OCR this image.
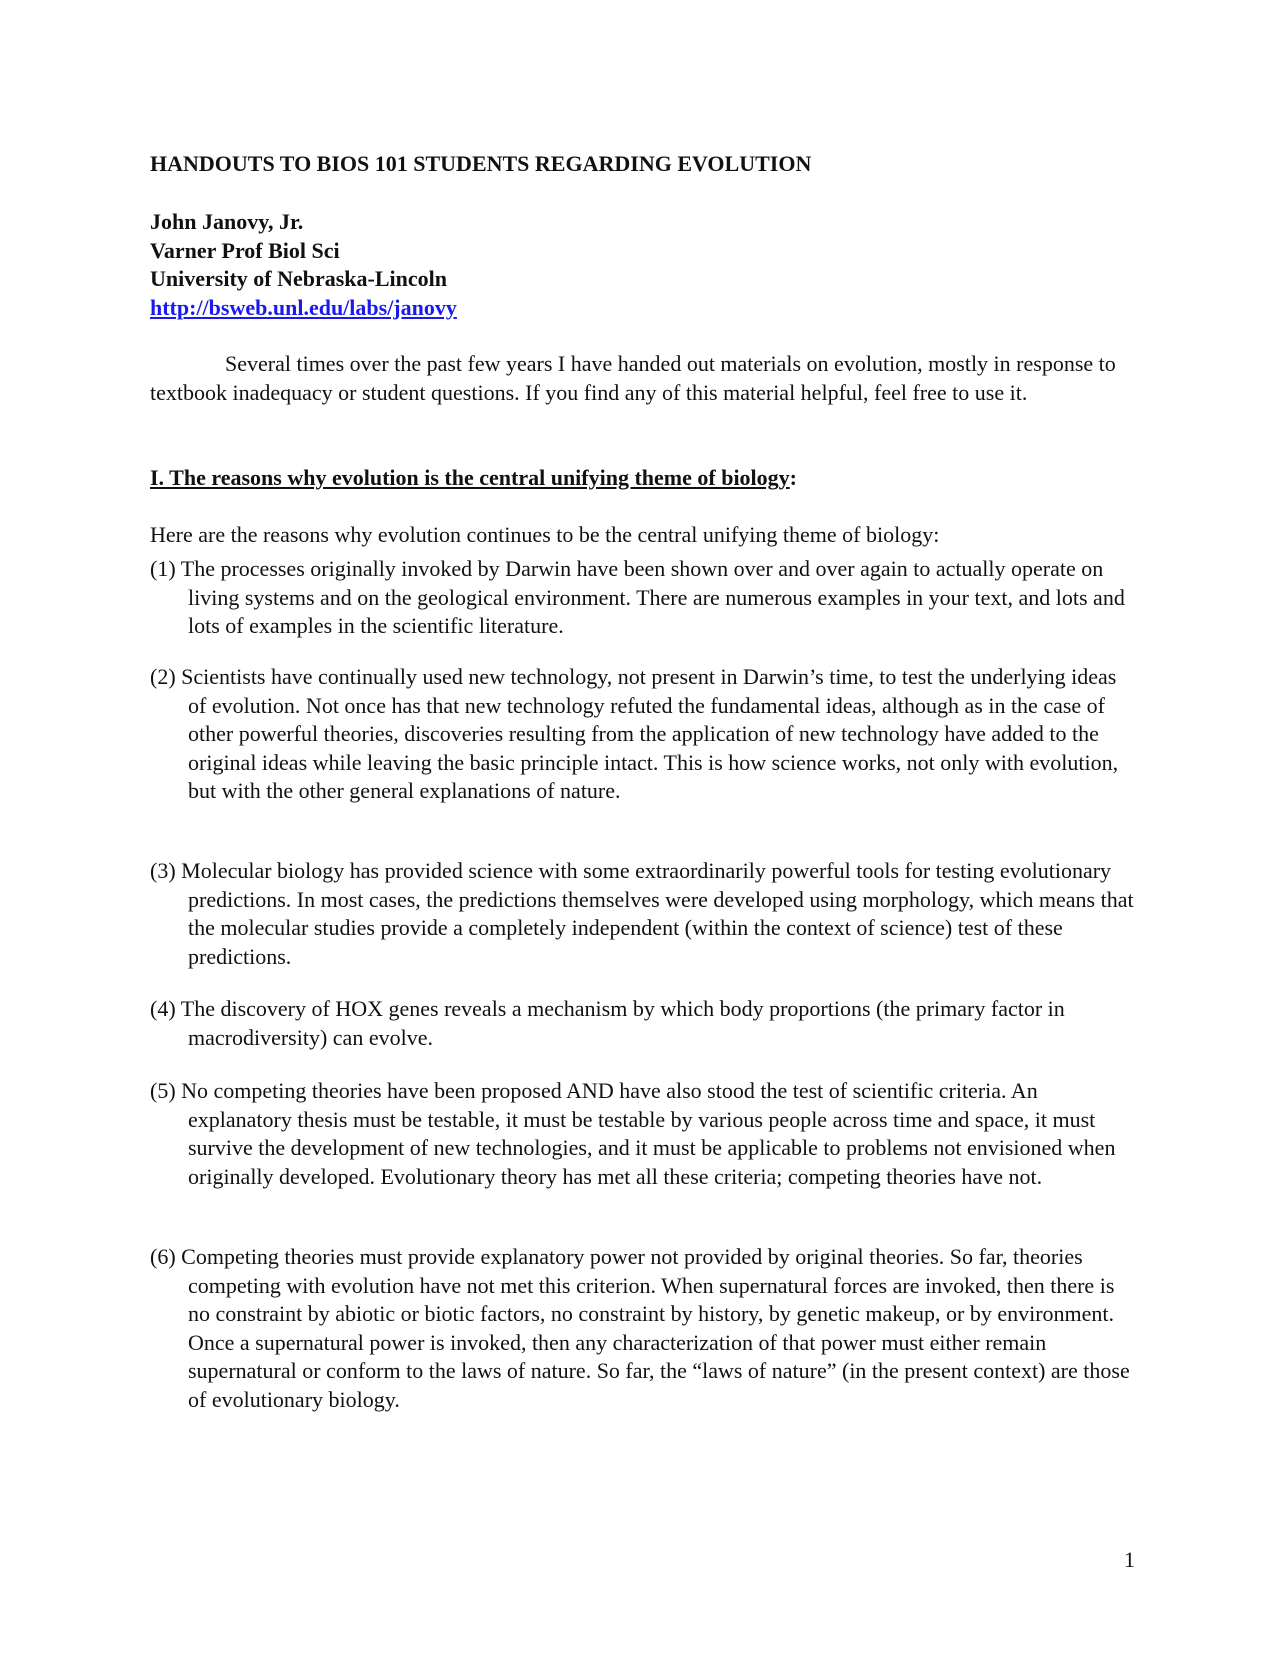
HANDOUTS TO BIOS 101 STUDENTS REGARDING EVOLUTION
John Janovy, Jr.
Varner Prof Biol Sci
University of Nebraska-Lincoln
http://bsweb.unl.edu/labs/janovy

Several times over the past few years I have handed out materials on evolution, mostly in response to textbook inadequacy or student questions. If you find any of this material helpful, feel free to use it.

I. The reasons why evolution is the central unifying theme of biology:

Here are the reasons why evolution continues to be the central unifying theme of biology:

(1) The processes originally invoked by Darwin have been shown over and over again to actually operate on living systems and on the geological environment. There are numerous examples in your text, and lots and lots of examples in the scientific literature.

(2) Scientists have continually used new technology, not present in Darwin’s time, to test the underlying ideas of evolution. Not once has that new technology refuted the fundamental ideas, although as in the case of other powerful theories, discoveries resulting from the application of new technology have added to the original ideas while leaving the basic principle intact. This is how science works, not only with evolution, but with the other general explanations of nature.

(3) Molecular biology has provided science with some extraordinarily powerful tools for testing evolutionary predictions. In most cases, the predictions themselves were developed using morphology, which means that the molecular studies provide a completely independent (within the context of science) test of these predictions.

(4) The discovery of HOX genes reveals a mechanism by which body proportions (the primary factor in macrodiversity) can evolve.

(5) No competing theories have been proposed AND have also stood the test of scientific criteria. An explanatory thesis must be testable, it must be testable by various people across time and space, it must survive the development of new technologies, and it must be applicable to problems not envisioned when originally developed. Evolutionary theory has met all these criteria; competing theories have not.

(6) Competing theories must provide explanatory power not provided by original theories. So far, theories competing with evolution have not met this criterion. When supernatural forces are invoked, then there is no constraint by abiotic or biotic factors, no constraint by history, by genetic makeup, or by environment. Once a supernatural power is invoked, then any characterization of that power must either remain supernatural or conform to the laws of nature. So far, the “laws of nature” (in the present context) are those of evolutionary biology.

1
